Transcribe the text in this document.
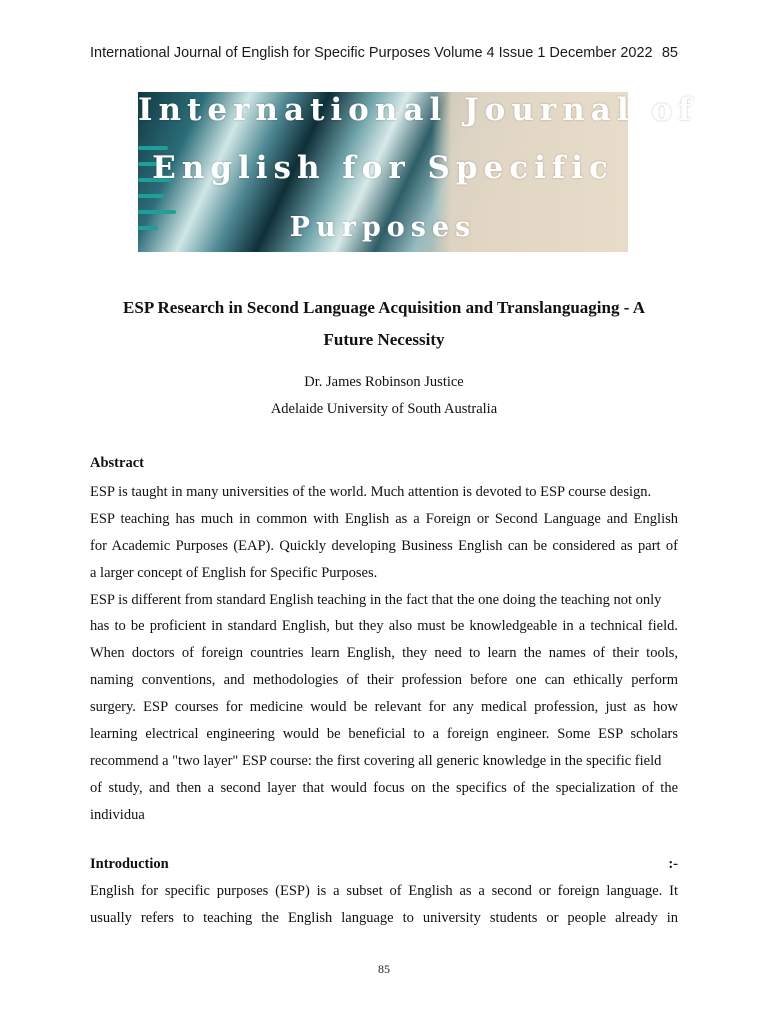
International Journal of English for Specific Purposes Volume 4 Issue 1 December 2022 85
International Journal of
English for Specific
Purposes
ESP Research in Second Language Acquisition and Translanguaging - A
Future Necessity
Dr. James Robinson Justice
Adelaide University of South Australia
Abstract
ESP is taught in many universities of the world. Much attention is devoted to ESP course design.
ESP teaching has much in common with English as a Foreign or Second Language and English
for Academic Purposes (EAP). Quickly developing Business English can be considered as part of
a larger concept of English for Specific Purposes.
ESP is different from standard English teaching in the fact that the one doing the teaching not only
has to be proficient in standard English, but they also must be knowledgeable in a technical field.
When doctors of foreign countries learn English, they need to learn the names of their tools,
naming conventions, and methodologies of their profession before one can ethically perform
surgery. ESP courses for medicine would be relevant for any medical profession, just as how
learning electrical engineering would be beneficial to a foreign engineer. Some ESP scholars
recommend a "two layer" ESP course: the first covering all generic knowledge in the specific field
of study, and then a second layer that would focus on the specifics of the specialization of the
individua
Introduction	:-
English for specific purposes (ESP) is a subset of English as a second or foreign language. It
usually refers to teaching the English language to university students or people already in
85
